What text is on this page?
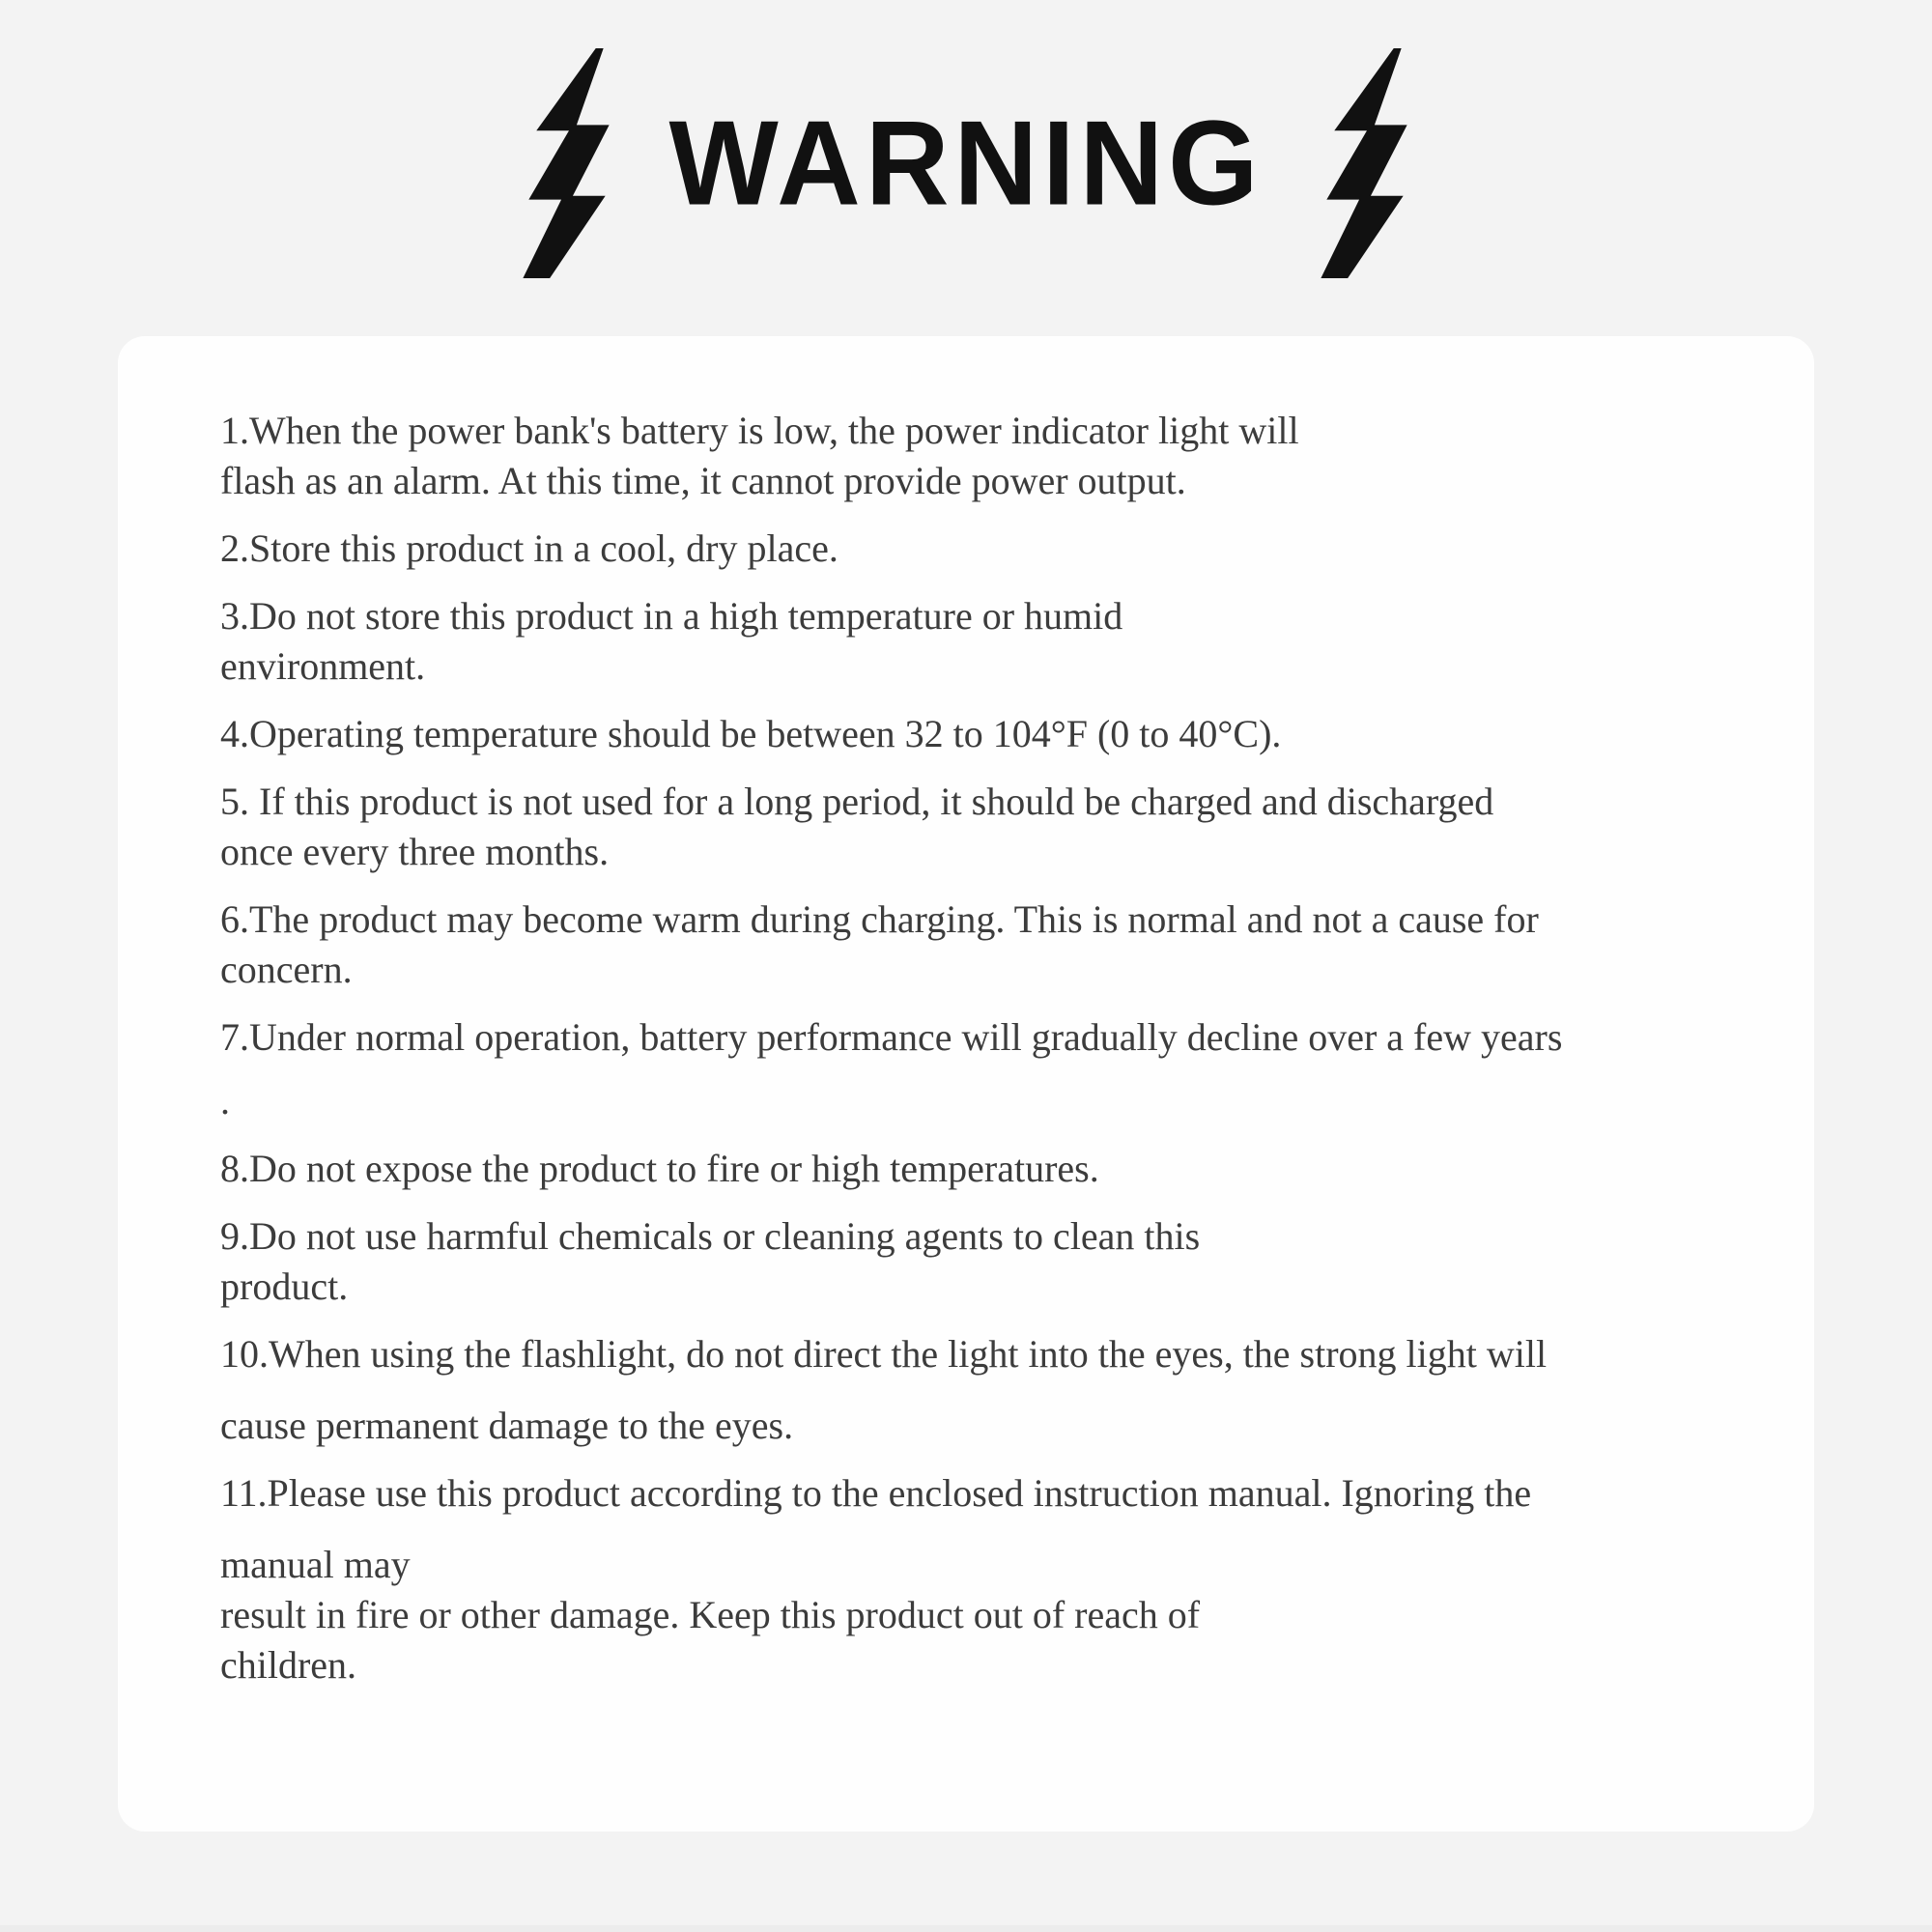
WARNING
1.When the power bank's battery is low, the power indicator light will
flash as an alarm. At this time, it cannot provide power output.
2.Store this product in a cool, dry place.
3.Do not store this product in a high temperature or humid
environment.
4.Operating temperature should be between 32 to 104°F (0 to 40°C).
5. If this product is not used for a long period, it should be charged and discharged
once every three months.
6.The product may become warm during charging. This is normal and not a cause for
concern.
7.Under normal operation, battery performance will gradually decline over a few years
.
8.Do not expose the product to fire or high temperatures.
9.Do not use harmful chemicals or cleaning agents to clean this
product.
10.When using the flashlight, do not direct the light into the eyes, the strong light will
cause permanent damage to the eyes.
11.Please use this product according to the enclosed instruction manual. Ignoring the
manual may
result in fire or other damage. Keep this product out of reach of
children.
